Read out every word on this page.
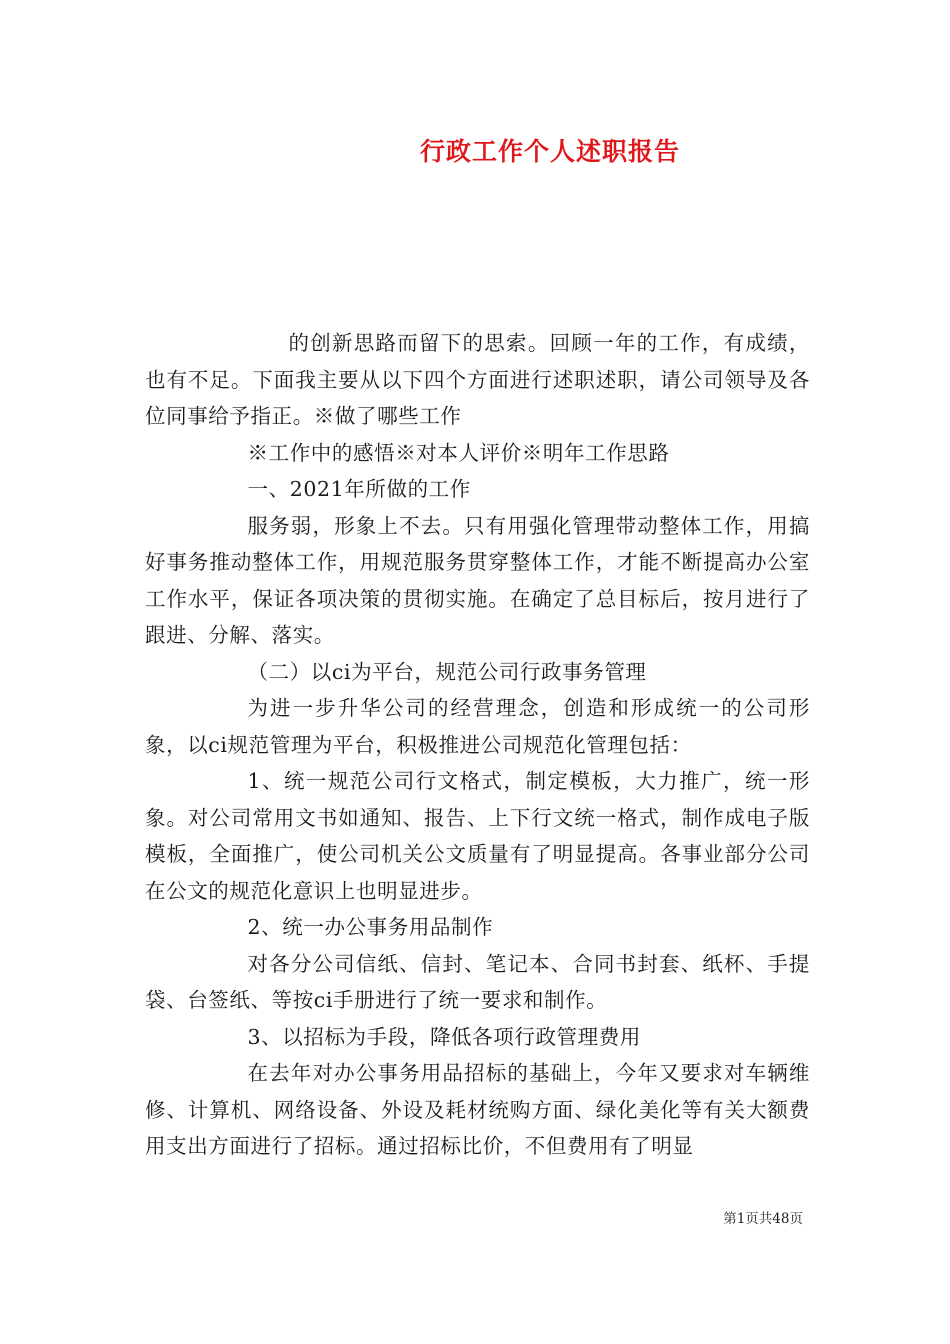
行政工作个人述职报告

的创新思路而留下的思索。回顾一年的工作，有成绩，也有不足。下面我主要从以下四个方面进行述职述职，请公司领导及各位同事给予指正。※做了哪些工作

※工作中的感悟※对本人评价※明年工作思路

一、2021年所做的工作

服务弱，形象上不去。只有用强化管理带动整体工作，用搞好事务推动整体工作，用规范服务贯穿整体工作，才能不断提高办公室工作水平，保证各项决策的贯彻实施。在确定了总目标后，按月进行了跟进、分解、落实。

（二）以ci为平台，规范公司行政事务管理

为进一步升华公司的经营理念，创造和形成统一的公司形象，以ci规范管理为平台，积极推进公司规范化管理包括：

1、统一规范公司行文格式，制定模板，大力推广，统一形象。对公司常用文书如通知、报告、上下行文统一格式，制作成电子版模板，全面推广，使公司机关公文质量有了明显提高。各事业部分公司在公文的规范化意识上也明显进步。

2、统一办公事务用品制作

对各分公司信纸、信封、笔记本、合同书封套、纸杯、手提袋、台签纸、等按ci手册进行了统一要求和制作。

3、以招标为手段，降低各项行政管理费用

在去年对办公事务用品招标的基础上，今年又要求对车辆维修、计算机、网络设备、外设及耗材统购方面、绿化美化等有关大额费用支出方面进行了招标。通过招标比价，不但费用有了明显

第1页共48页
